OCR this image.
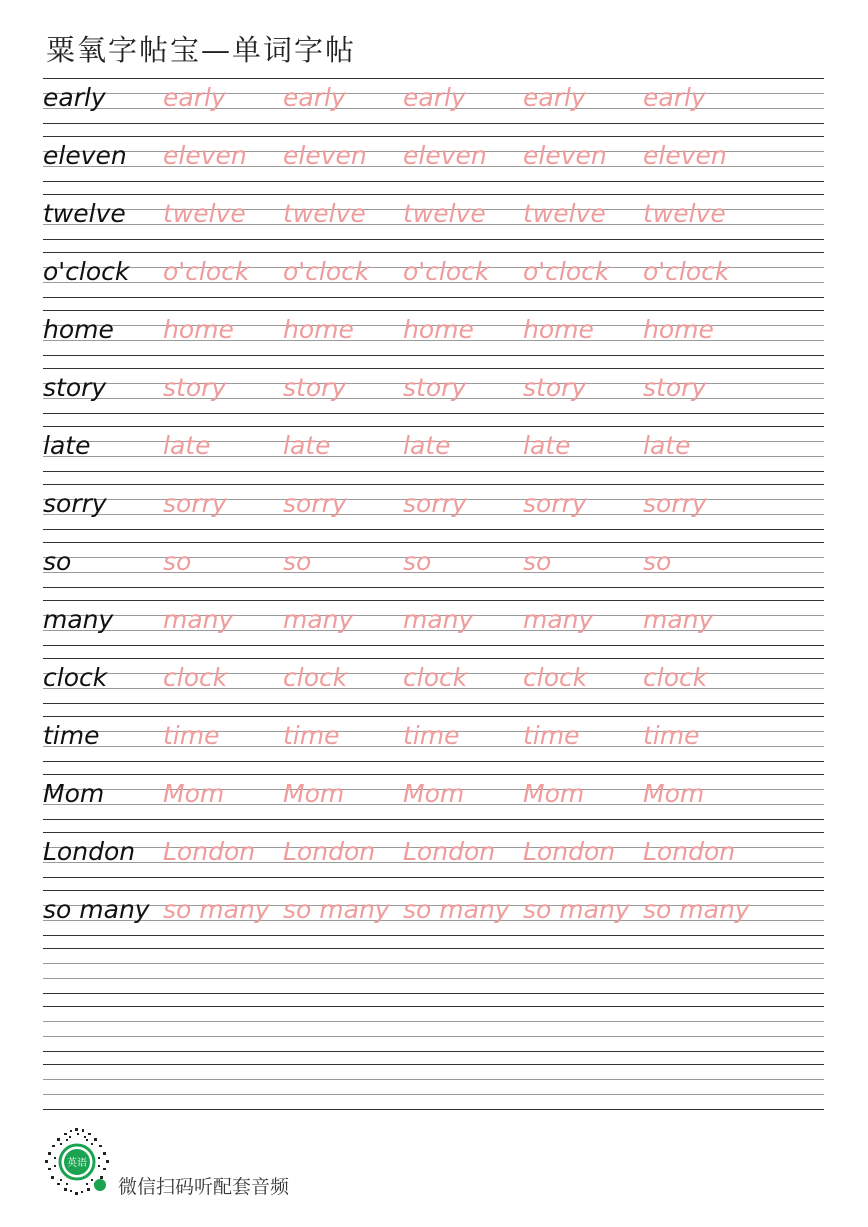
粟氧字帖宝—单词字帖
early early early early early early
eleven eleven eleven eleven eleven eleven
twelve twelve twelve twelve twelve twelve
o'clock o'clock o'clock o'clock o'clock o'clock
home home home home home home
story story story story story story
late	late	late	late	late	late
sorry sorry sorry sorry sorry sorry
so	so	so	so	so	so
many many many many many many
clock clock clock clock clock clock
time	time	time	time	time	time
Mom Mom Mom Mom Mom Mom
London London London London London London
so many so many so many so many so many so many
英语
微信扫码听配套音频
